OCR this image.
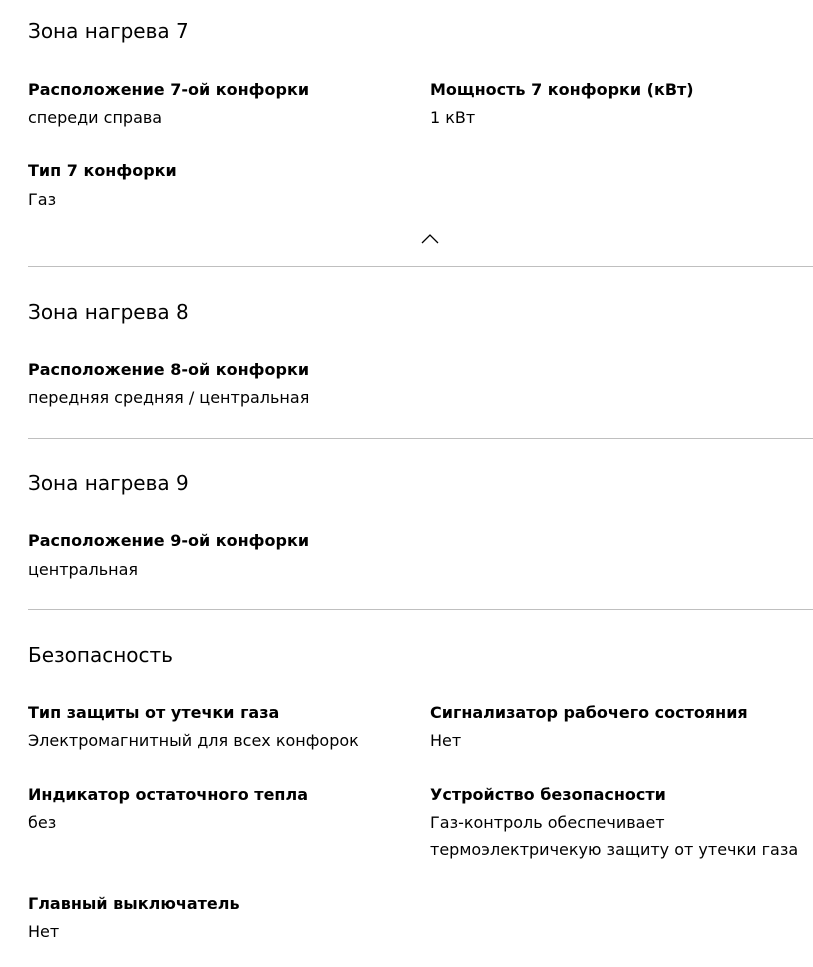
Зона нагрева 7
Расположение 7-ой конфорки
спереди справа
Мощность 7 конфорки (кВт)
1 кВт
Тип 7 конфорки
Газ
Зона нагрева 8
Расположение 8-ой конфорки
передняя средняя / центральная
Зона нагрева 9
Расположение 9-ой конфорки
центральная
Безопасность
Тип защиты от утечки газа
Электромагнитный для всех конфорок
Сигнализатор рабочего состояния
Нет
Индикатор остаточного тепла
без
Устройство безопасности
Газ-контроль обеспечивает термоэлектричекую защиту от утечки газа
Главный выключатель
Нет
